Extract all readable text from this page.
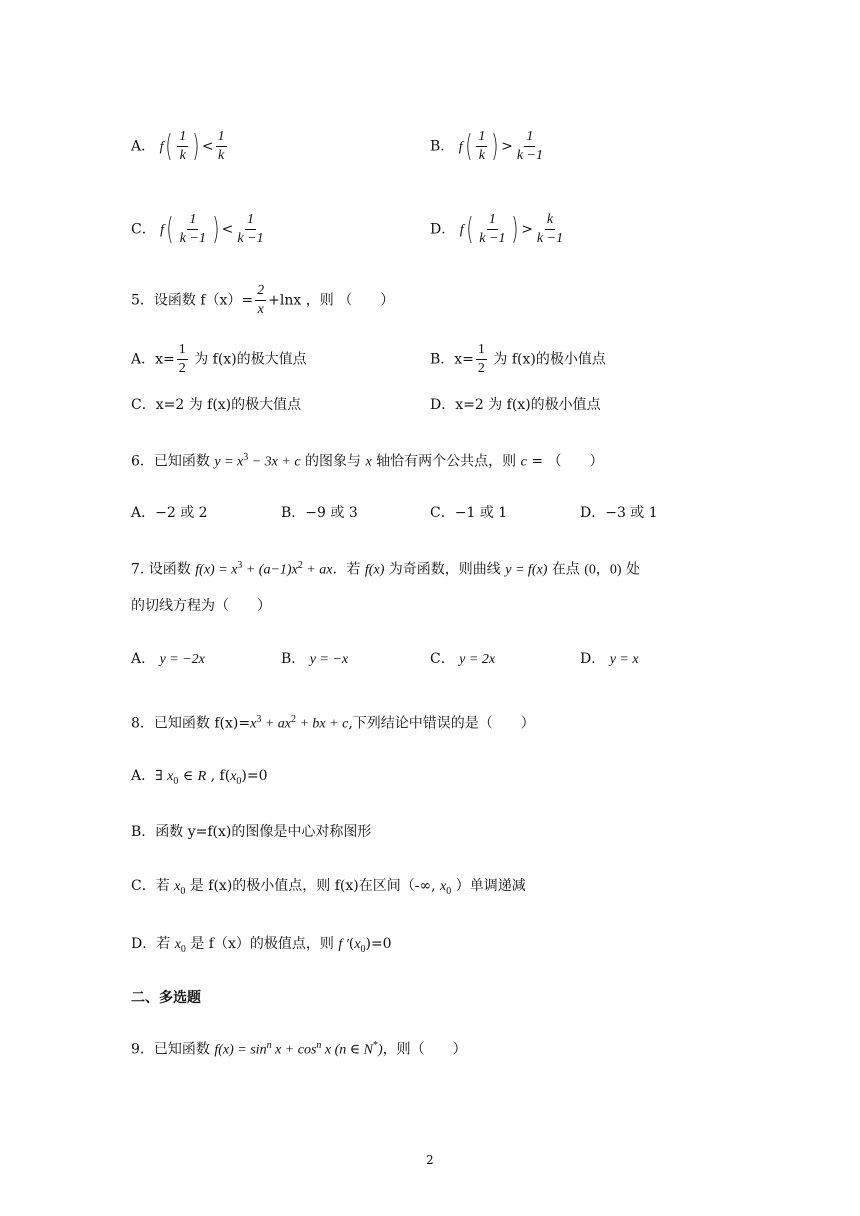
A． $f( \frac{1}{k}$ ) < $\frac{1}{k}$	B． $f( \frac{1}{k}$ ) > $\frac{1}{k -1}$
C． $f( \frac{1}{k -1}$ ) < $\frac{1}{k -1}$	D． $f( \frac{1}{k -1}$ ) > $\frac{k}{k -1}$
5．设函数 $f(x)= \frac{2}{x} +\ln x$ ，则 （　　）
A．$x= \frac{1}{2}$ 为 f(x)的极大值点	B．$x= \frac{1}{2}$ 为 f(x)的极小值点
C．x=2 为 f(x)的极大值点	D．x=2 为 f(x)的极小值点
6．已知函数 $y = x^3 - 3x + c$ 的图象与 x 轴恰有两个公共点，则 c = （　　）
A．−2 或 2	B．−9 或 3	C．−1 或 1	D．−3 或 1
7. 设函数 $f(x) = x^3 + (a-1)x^2$ + ax．若 f(x) 为奇函数，则曲线 y = f(x) 在点 (0，0) 处
的切线方程为（　　）
A． y = −2x	B． y = −x	C． y = 2x	D． y = x
8．已知函数 $f(x)=x^3 + ax^2$ + bx + c,下列结论中错误的是（　　）
A．∃ $x_0$ ∈ R , $f(x_0)=0$
B．函数 y=f(x)的图像是中心对称图形
C．若 $x_0$ 是 f(x)的极小值点，则 f(x)在区间（-∞, $x_0$ ）单调递减
D．若 $x_0$ 是 f（x）的极值点，则 f $'(x_0)=0$
二、多选题
9．已知函数 $f(x) = \sin^n x + \cos^n x$ (n ∈ N*)，则（　　）
2
